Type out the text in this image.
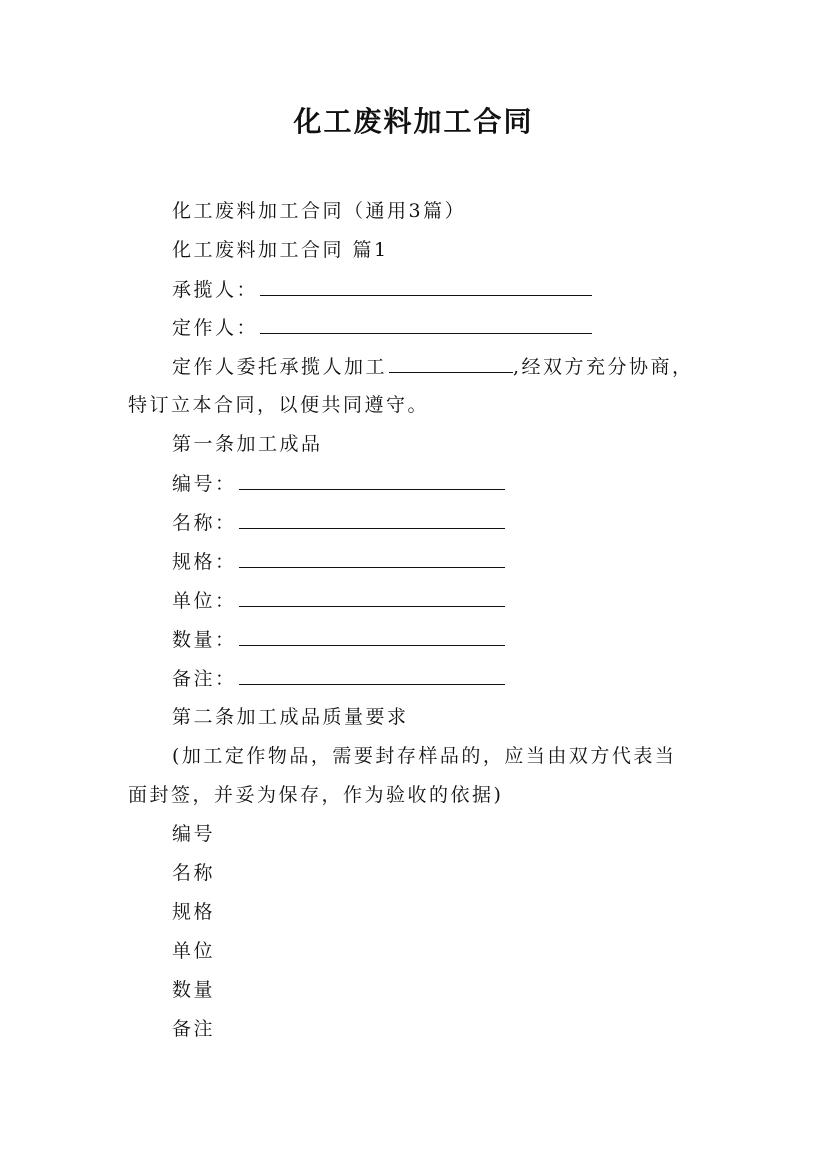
化工废料加工合同
化工废料加工合同（通用3篇）
化工废料加工合同 篇1
承揽人：
定作人：
定作人委托承揽人加工	,经双方充分协商，
特订立本合同，以便共同遵守。
第一条加工成品
编号：
名称：
规格：
单位：
数量：
备注：
第二条加工成品质量要求
(加工定作物品，需要封存样品的，应当由双方代表当
面封签，并妥为保存，作为验收的依据)
编号
名称
规格
单位
数量
备注
